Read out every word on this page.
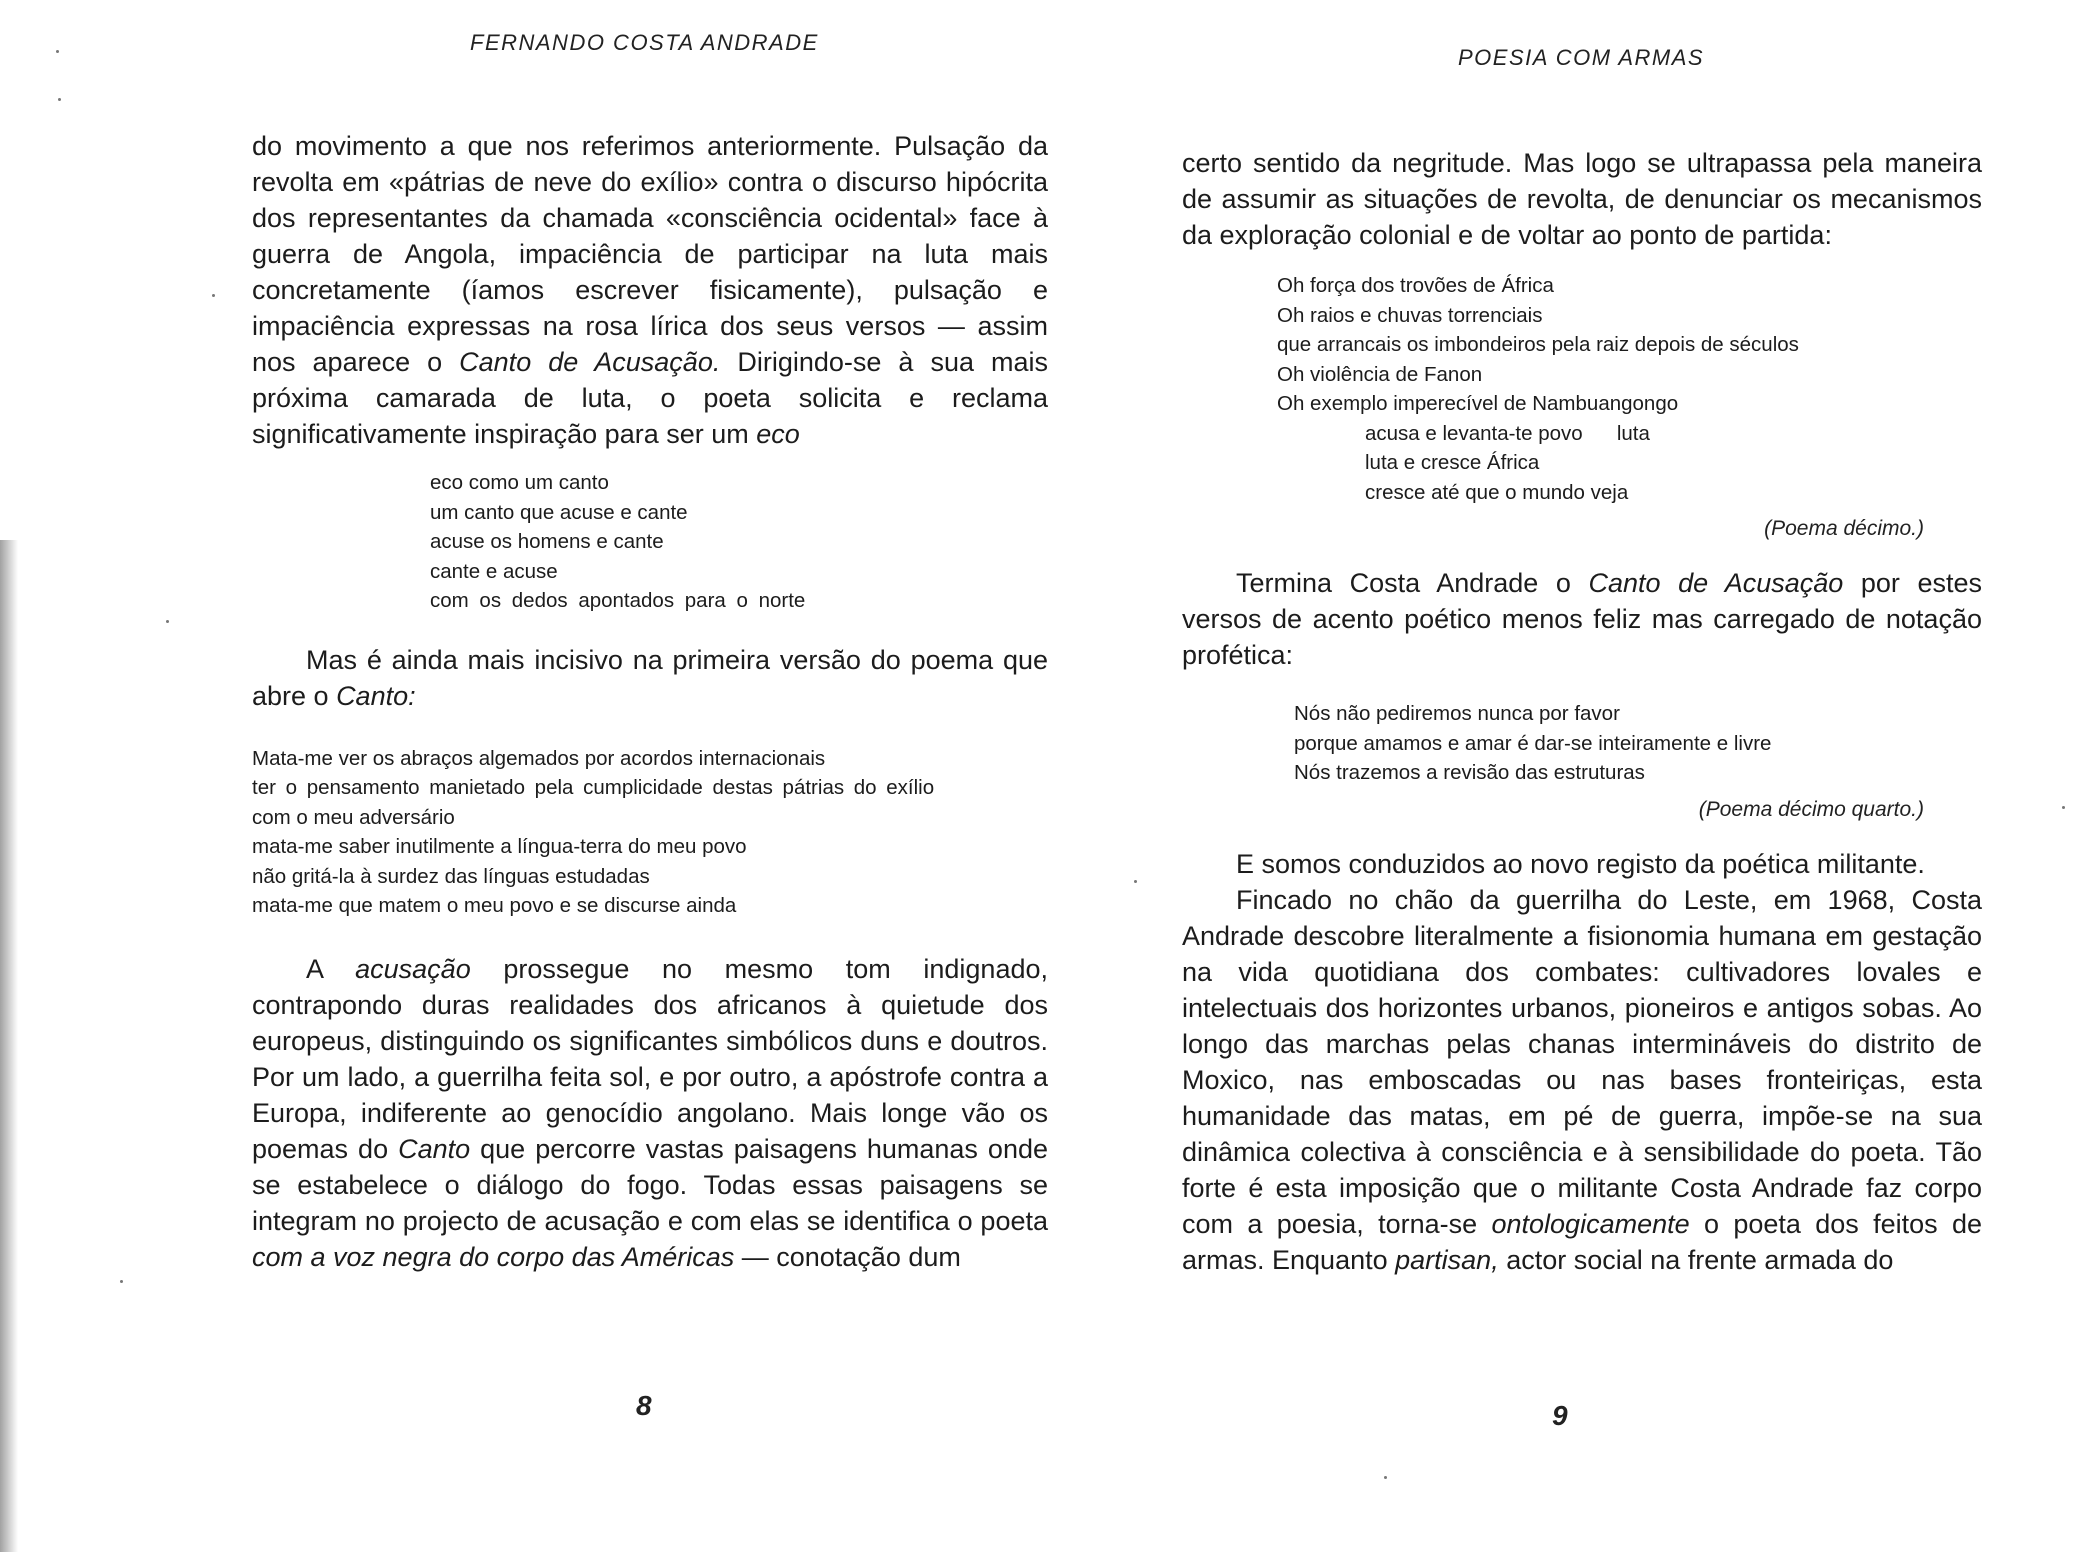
FERNANDO COSTA ANDRADE

do movimento a que nos referimos anteriormente. Pulsação da revolta em «pátrias de neve do exílio» contra o discurso hipócrita dos representantes da chamada «consciência ocidental» face à guerra de Angola, impaciência de participar na luta mais concretamente (íamos escrever fisicamente), pulsação e impaciência expressas na rosa lírica dos seus versos — assim nos aparece o Canto de Acusação. Dirigindo-se à sua mais próxima camarada de luta, o poeta solicita e reclama significativamente inspiração para ser um eco

eco como um canto
um canto que acuse e cante
acuse os homens e cante
cante e acuse
com os dedos apontados para o norte

Mas é ainda mais incisivo na primeira versão do poema que abre o Canto:

Mata-me ver os abraços algemados por acordos internacionais
ter o pensamento manietado pela cumplicidade destas pátrias do exílio
com o meu adversário
mata-me saber inutilmente a língua-terra do meu povo
não gritá-la à surdez das línguas estudadas
mata-me que matem o meu povo e se discurse ainda

A acusação prossegue no mesmo tom indignado, contrapondo duras realidades dos africanos à quietude dos europeus, distinguindo os significantes simbólicos duns e doutros. Por um lado, a guerrilha feita sol, e por outro, a apóstrofe contra a Europa, indiferente ao genocídio angolano. Mais longe vão os poemas do Canto que percorre vastas paisagens humanas onde se estabelece o diálogo do fogo. Todas essas paisagens se integram no projecto de acusação e com elas se identifica o poeta com a voz negra do corpo das Américas — conotação dum

8
POESIA COM ARMAS

certo sentido da negritude. Mas logo se ultrapassa pela maneira de assumir as situações de revolta, de denunciar os mecanismos da exploração colonial e de voltar ao ponto de partida:

Oh força dos trovões de África
Oh raios e chuvas torrenciais
que arrancais os imbondeiros pela raiz depois de séculos
Oh violência de Fanon
Oh exemplo imperecível de Nambuangongo
acusa e levanta-te povo      luta
luta e cresce África
cresce até que o mundo veja
(Poema décimo.)

Termina Costa Andrade o Canto de Acusação por estes versos de acento poético menos feliz mas carregado de notação profética:

Nós não pediremos nunca por favor
porque amamos e amar é dar-se inteiramente e livre
Nós trazemos a revisão das estruturas
(Poema décimo quarto.)

E somos conduzidos ao novo registo da poética militante.

Fincado no chão da guerrilha do Leste, em 1968, Costa Andrade descobre literalmente a fisionomia humana em gestação na vida quotidiana dos combates: cultivadores lovales e intelectuais dos horizontes urbanos, pioneiros e antigos sobas. Ao longo das marchas pelas chanas intermináveis do distrito de Moxico, nas emboscadas ou nas bases fronteiriças, esta humanidade das matas, em pé de guerra, impõe-se na sua dinâmica colectiva à consciência e à sensibilidade do poeta. Tão forte é esta imposição que o militante Costa Andrade faz corpo com a poesia, torna-se ontologicamente o poeta dos feitos de armas. Enquanto partisan, actor social na frente armada do

9
